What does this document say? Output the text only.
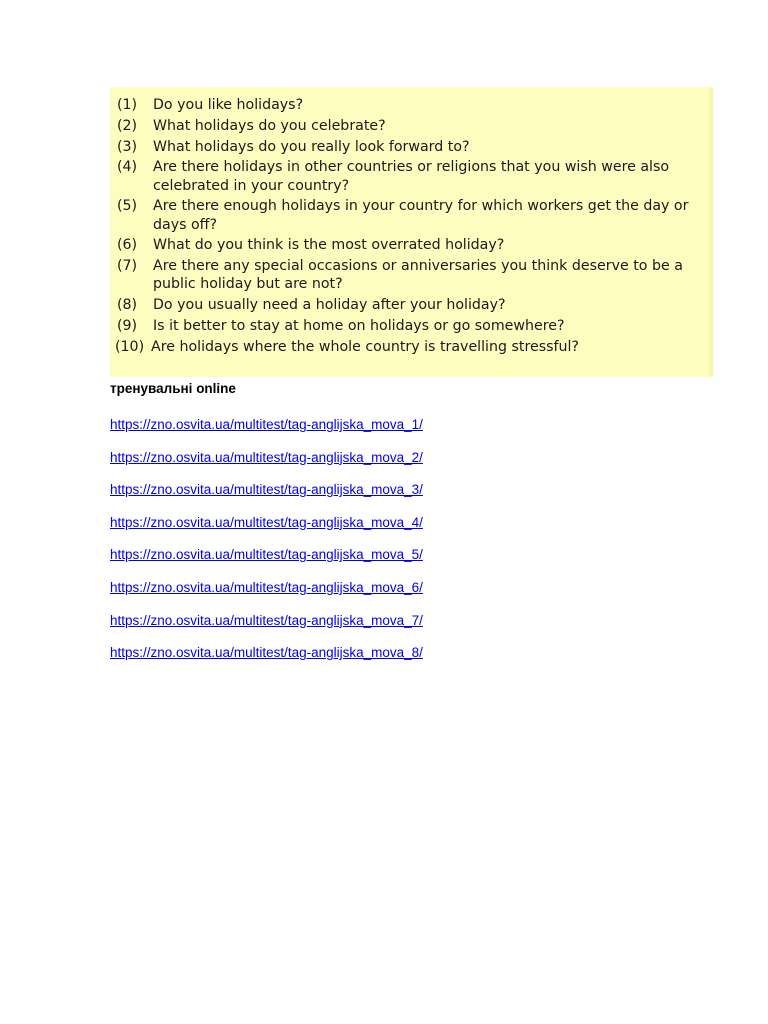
(1)	Do you like holidays?
(2)	What holidays do you celebrate?
(3)	What holidays do you really look forward to?
(4)	Are there holidays in other countries or religions that you wish were also celebrated in your country?
(5)	Are there enough holidays in your country for which workers get the day or days off?
(6)	What do you think is the most overrated holiday?
(7)	Are there any special occasions or anniversaries you think deserve to be a public holiday but are not?
(8)	Do you usually need a holiday after your holiday?
(9)	Is it better to stay at home on holidays or go somewhere?
(10) Are holidays where the whole country is travelling stressful?
тренувальні online
https://zno.osvita.ua/multitest/tag-anglijska_mova_1/
https://zno.osvita.ua/multitest/tag-anglijska_mova_2/
https://zno.osvita.ua/multitest/tag-anglijska_mova_3/
https://zno.osvita.ua/multitest/tag-anglijska_mova_4/
https://zno.osvita.ua/multitest/tag-anglijska_mova_5/
https://zno.osvita.ua/multitest/tag-anglijska_mova_6/
https://zno.osvita.ua/multitest/tag-anglijska_mova_7/
https://zno.osvita.ua/multitest/tag-anglijska_mova_8/
